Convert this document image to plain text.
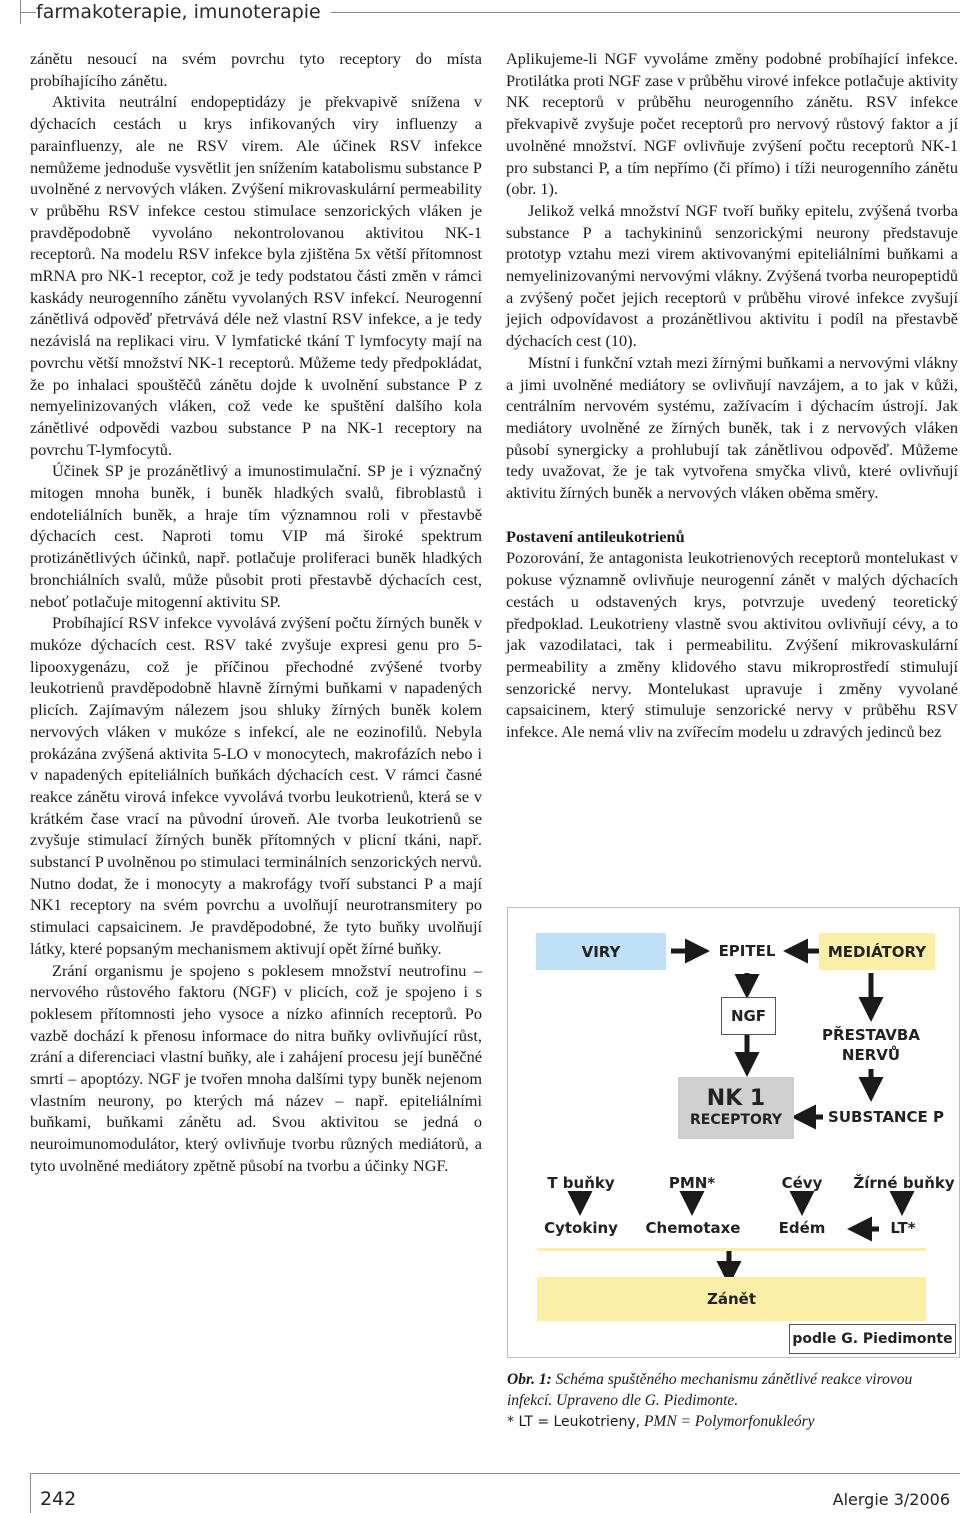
farmakoterapie, imunoterapie

zánětu nesoucí na svém povrchu tyto receptory do místa probíhajícího zánětu.

Aktivita neutrální endopeptidázy je překvapivě snížena v dýchacích cestách u krys infikovaných viry influenzy a parainfluenzy, ale ne RSV virem. Ale účinek RSV infekce nemůžeme jednoduše vysvětlit jen snížením katabolismu substance P uvolněné z nervových vláken. Zvýšení mikrovaskulární permeability v průběhu RSV infekce cestou stimulace senzorických vláken je pravděpodobně vyvoláno nekontrolovanou aktivitou NK-1 receptorů. Na modelu RSV infekce byla zjištěna 5x větší přítomnost mRNA pro NK-1 receptor, což je tedy podstatou části změn v rámci kaskády neurogenního zánětu vyvolaných RSV infekcí. Neurogenní zánětlivá odpověď přetrvává déle než vlastní RSV infekce, a je tedy nezávislá na replikaci viru. V lymfatické tkání T lymfocyty mají na povrchu větší množství NK-1 receptorů. Můžeme tedy předpokládat, že po inhalaci spouštěčů zánětu dojde k uvolnění substance P z nemyelinizovaných vláken, což vede ke spuštění dalšího kola zánětlivé odpovědi vazbou substance P na NK-1 receptory na povrchu T-lymfocytů.

Účinek SP je prozánětlivý a imunostimulační. SP je i význačný mitogen mnoha buněk, i buněk hladkých svalů, fibroblastů i endoteliálních buněk, a hraje tím významnou roli v přestavbě dýchacích cest. Naproti tomu VIP má široké spektrum protizánětlivých účinků, např. potlačuje proliferaci buněk hladkých bronchiálních svalů, může působit proti přestavbě dýchacích cest, neboť potlačuje mitogenní aktivitu SP.

Probíhající RSV infekce vyvolává zvýšení počtu žírných buněk v mukóze dýchacích cest. RSV také zvyšuje expresi genu pro 5-lipooxygenázu, což je příčinou přechodné zvýšené tvorby leukotrienů pravděpodobně hlavně žírnými buňkami v napadených plicích. Zajímavým nálezem jsou shluky žírných buněk kolem nervových vláken v mukóze s infekcí, ale ne eozinofilů. Nebyla prokázána zvýšená aktivita 5-LO v monocytech, makrofázích nebo i v napadených epiteliálních buňkách dýchacích cest. V rámci časné reakce zánětu virová infekce vyvolává tvorbu leukotrienů, která se v krátkém čase vrací na původní úroveň. Ale tvorba leukotrienů se zvyšuje stimulací žírných buněk přítomných v plicní tkáni, např. substancí P uvolněnou po stimulaci terminálních senzorických nervů. Nutno dodat, že i monocyty a makrofágy tvoří substanci P a mají NK1 receptory na svém povrchu a uvolňují neurotransmitery po stimulaci capsaicinem. Je pravděpodobné, že tyto buňky uvolňují látky, které popsaným mechanismem aktivují opět žírné buňky.

Zrání organismu je spojeno s poklesem množství neutrofinu – nervového růstového faktoru (NGF) v plicích, což je spojeno i s poklesem přítomnosti jeho vysoce a nízko afinních receptorů. Po vazbě dochází k přenosu informace do nitra buňky ovlivňující růst, zrání a diferenciaci vlastní buňky, ale i zahájení procesu její buněčné smrti – apoptózy. NGF je tvořen mnoha dalšími typy buněk nejenom vlastním neurony, po kterých má název – např. epiteliálními buňkami, buňkami zánětu ad. Svou aktivitou se jedná o neuroimunomodulátor, který ovlivňuje tvorbu různých mediátorů, a tyto uvolněné mediátory zpětně působí na tvorbu a účinky NGF.

Aplikujeme-li NGF vyvoláme změny podobné probíhající infekce. Protilátka proti NGF zase v průběhu virové infekce potlačuje aktivity NK receptorů v průběhu neurogenního zánětu. RSV infekce překvapivě zvyšuje počet receptorů pro nervový růstový faktor a jí uvolněné množství. NGF ovlivňuje zvýšení počtu receptorů NK-1 pro substanci P, a tím nepřímo (či přímo) i tíži neurogenního zánětu (obr. 1).

Jelikož velká množství NGF tvoří buňky epitelu, zvýšená tvorba substance P a tachykininů senzorickými neurony představuje prototyp vztahu mezi virem aktivovanými epiteliálními buňkami a nemyelinizovanými nervovými vlákny. Zvýšená tvorba neuropeptidů a zvýšený počet jejich receptorů v průběhu virové infekce zvyšují jejich odpovídavost a prozánětlivou aktivitu i podíl na přestavbě dýchacích cest (10).

Místní i funkční vztah mezi žírnými buňkami a nervovými vlákny a jimi uvolněné mediátory se ovlivňují navzájem, a to jak v kůži, centrálním nervovém systému, zažívacím i dýchacím ústrojí. Jak mediátory uvolněné ze žírných buněk, tak i z nervových vláken působí synergicky a prohlubují tak zánětlivou odpověď. Můžeme tedy uvažovat, že je tak vytvořena smyčka vlivů, které ovlivňují aktivitu žírných buněk a nervových vláken oběma směry.

Postavení antileukotrienů

Pozorování, že antagonista leukotrienových receptorů montelukast v pokuse významně ovlivňuje neurogenní zánět v malých dýchacích cestách u odstavených krys, potvrzuje uvedený teoretický předpoklad. Leukotrieny vlastně svou aktivitou ovlivňují cévy, a to jak vazodilataci, tak i permeabilitu. Zvýšení mikrovaskulární permeability a změny klidového stavu mikroprostředí stimulují senzorické nervy. Montelukast upravuje i změny vyvolané capsaicinem, který stimuluje senzorické nervy v průběhu RSV infekce. Ale nemá vliv na zvířecím modelu u zdravých jedinců bez

VIRY	EPITEL	MEDIÁTORY
NGF
PŘESTAVBA
NERVŮ
NK 1
RECEPTORY	SUBSTANCE P
T buňky	PMN*	Cévy	Žírné buňky
Cytokiny	Chemotaxe	Edém	LT*
Zánět
podle G. Piedimonte
Obr. 1: Schéma spuštěného mechanismu zánětlivé reakce virovou infekcí. Upraveno dle G. Piedimonte.
* LT = Leukotrieny, PMN = Polymorfonukleóry
242	Alergie 3/2006
